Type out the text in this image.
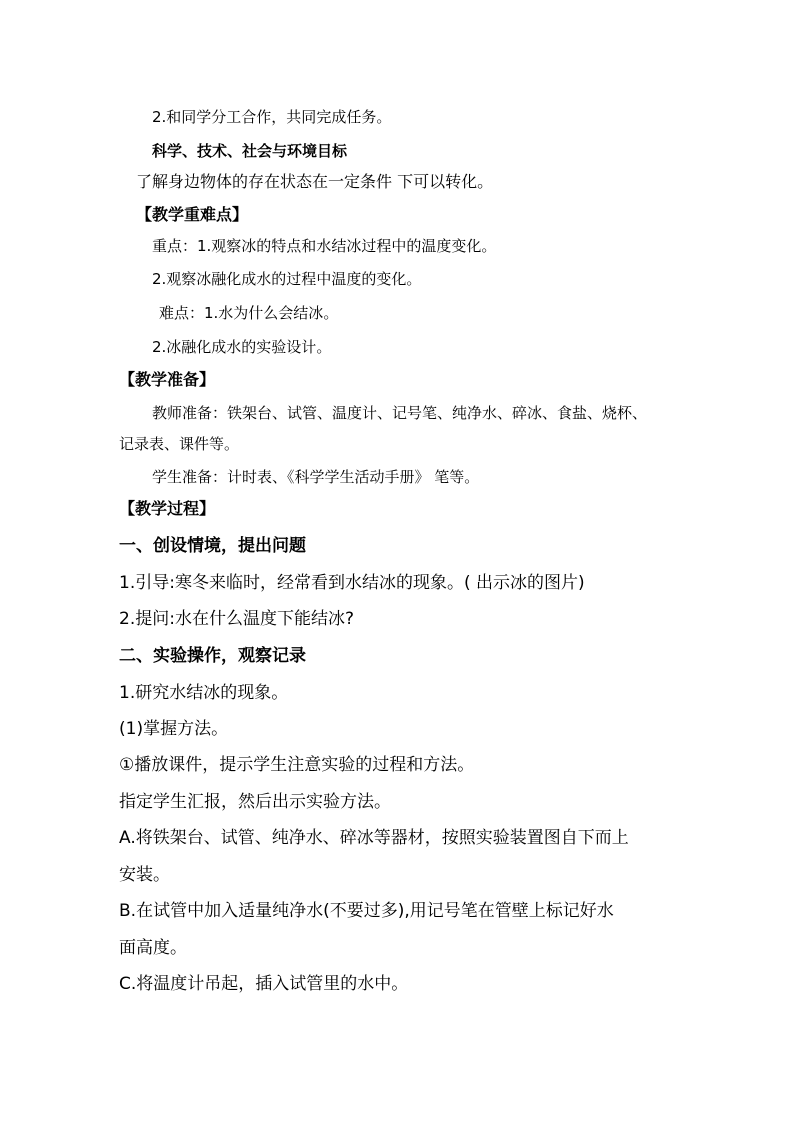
2.和同学分工合作，共同完成任务。
科学、技术、社会与环境目标
了解身边物体的存在状态在一定条件 下可以转化。
【教学重难点】
重点：1.观察冰的特点和水结冰过程中的温度变化。
2.观察冰融化成水的过程中温度的变化。
难点：1.水为什么会结冰。
2.冰融化成水的实验设计。
【教学准备】
教师准备：铁架台、试管、温度计、记号笔、纯净水、碎冰、食盐、烧杯、
记录表、课件等。
学生准备：计时表、《科学学生活动手册》 笔等。
【教学过程】
一、创设情境，提出问题
1.引导:寒冬来临时，经常看到水结冰的现象。( 出示冰的图片)
2.提问:水在什么温度下能结冰?
二、实验操作，观察记录
1.研究水结冰的现象。
(1)掌握方法。
①播放课件，提示学生注意实验的过程和方法。
指定学生汇报，然后出示实验方法。
A.将铁架台、试管、纯净水、碎冰等器材，按照实验装置图自下而上
安装。
B.在试管中加入适量纯净水(不要过多),用记号笔在管壁上标记好水
面高度。
C.将温度计吊起，插入试管里的水中。
